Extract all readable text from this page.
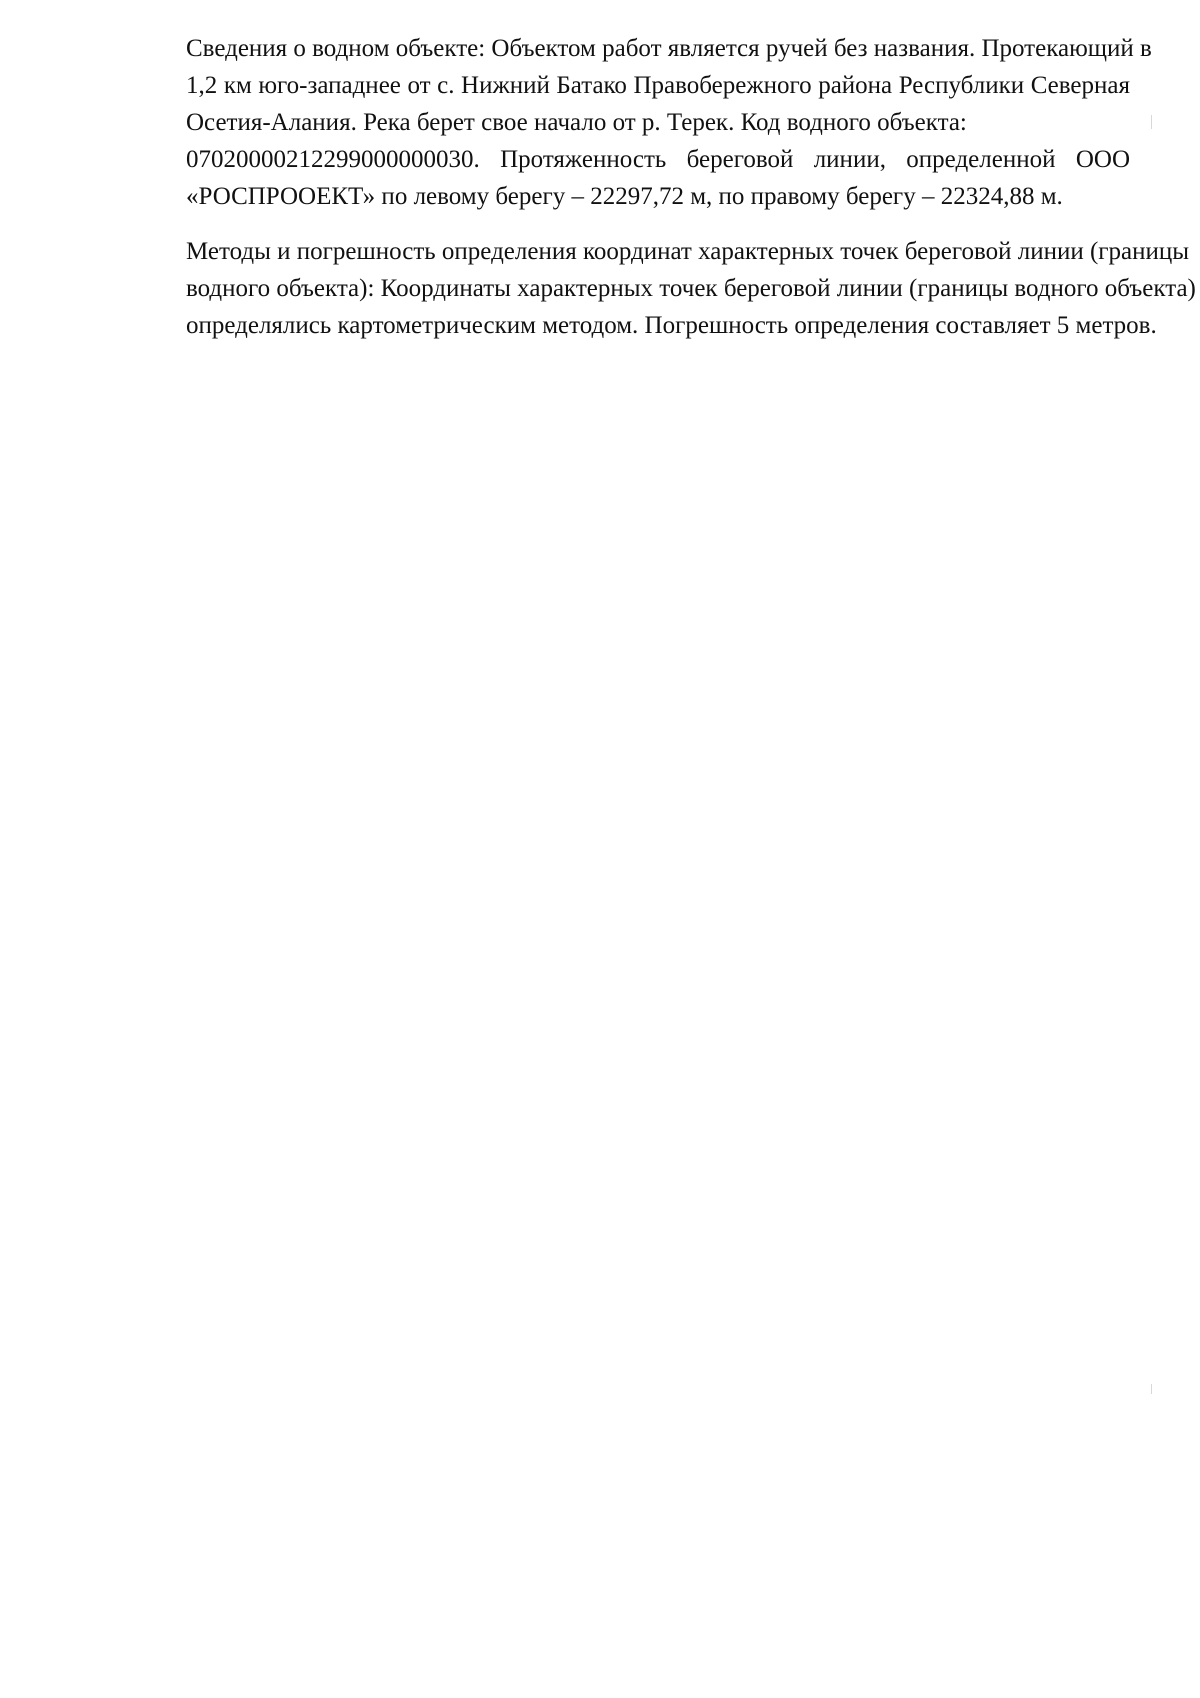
Сведения о водном объекте: Объектом работ является ручей без названия. Протекающий в
1,2 км юго-западнее от с. Нижний Батако Правобережного района Республики Северная
Осетия-Алания. Река берет свое начало от р. Терек. Код водного объекта:
07020000212299000000030. Протяженность береговой линии, определенной ООО
«РОСПРООЕКТ» по левому берегу – 22297,72 м, по правому берегу – 22324,88 м.

Методы и погрешность определения координат характерных точек береговой линии (границы
водного объекта): Координаты характерных точек береговой линии (границы водного объекта)
определялись картометрическим методом. Погрешность определения составляет 5 метров.
